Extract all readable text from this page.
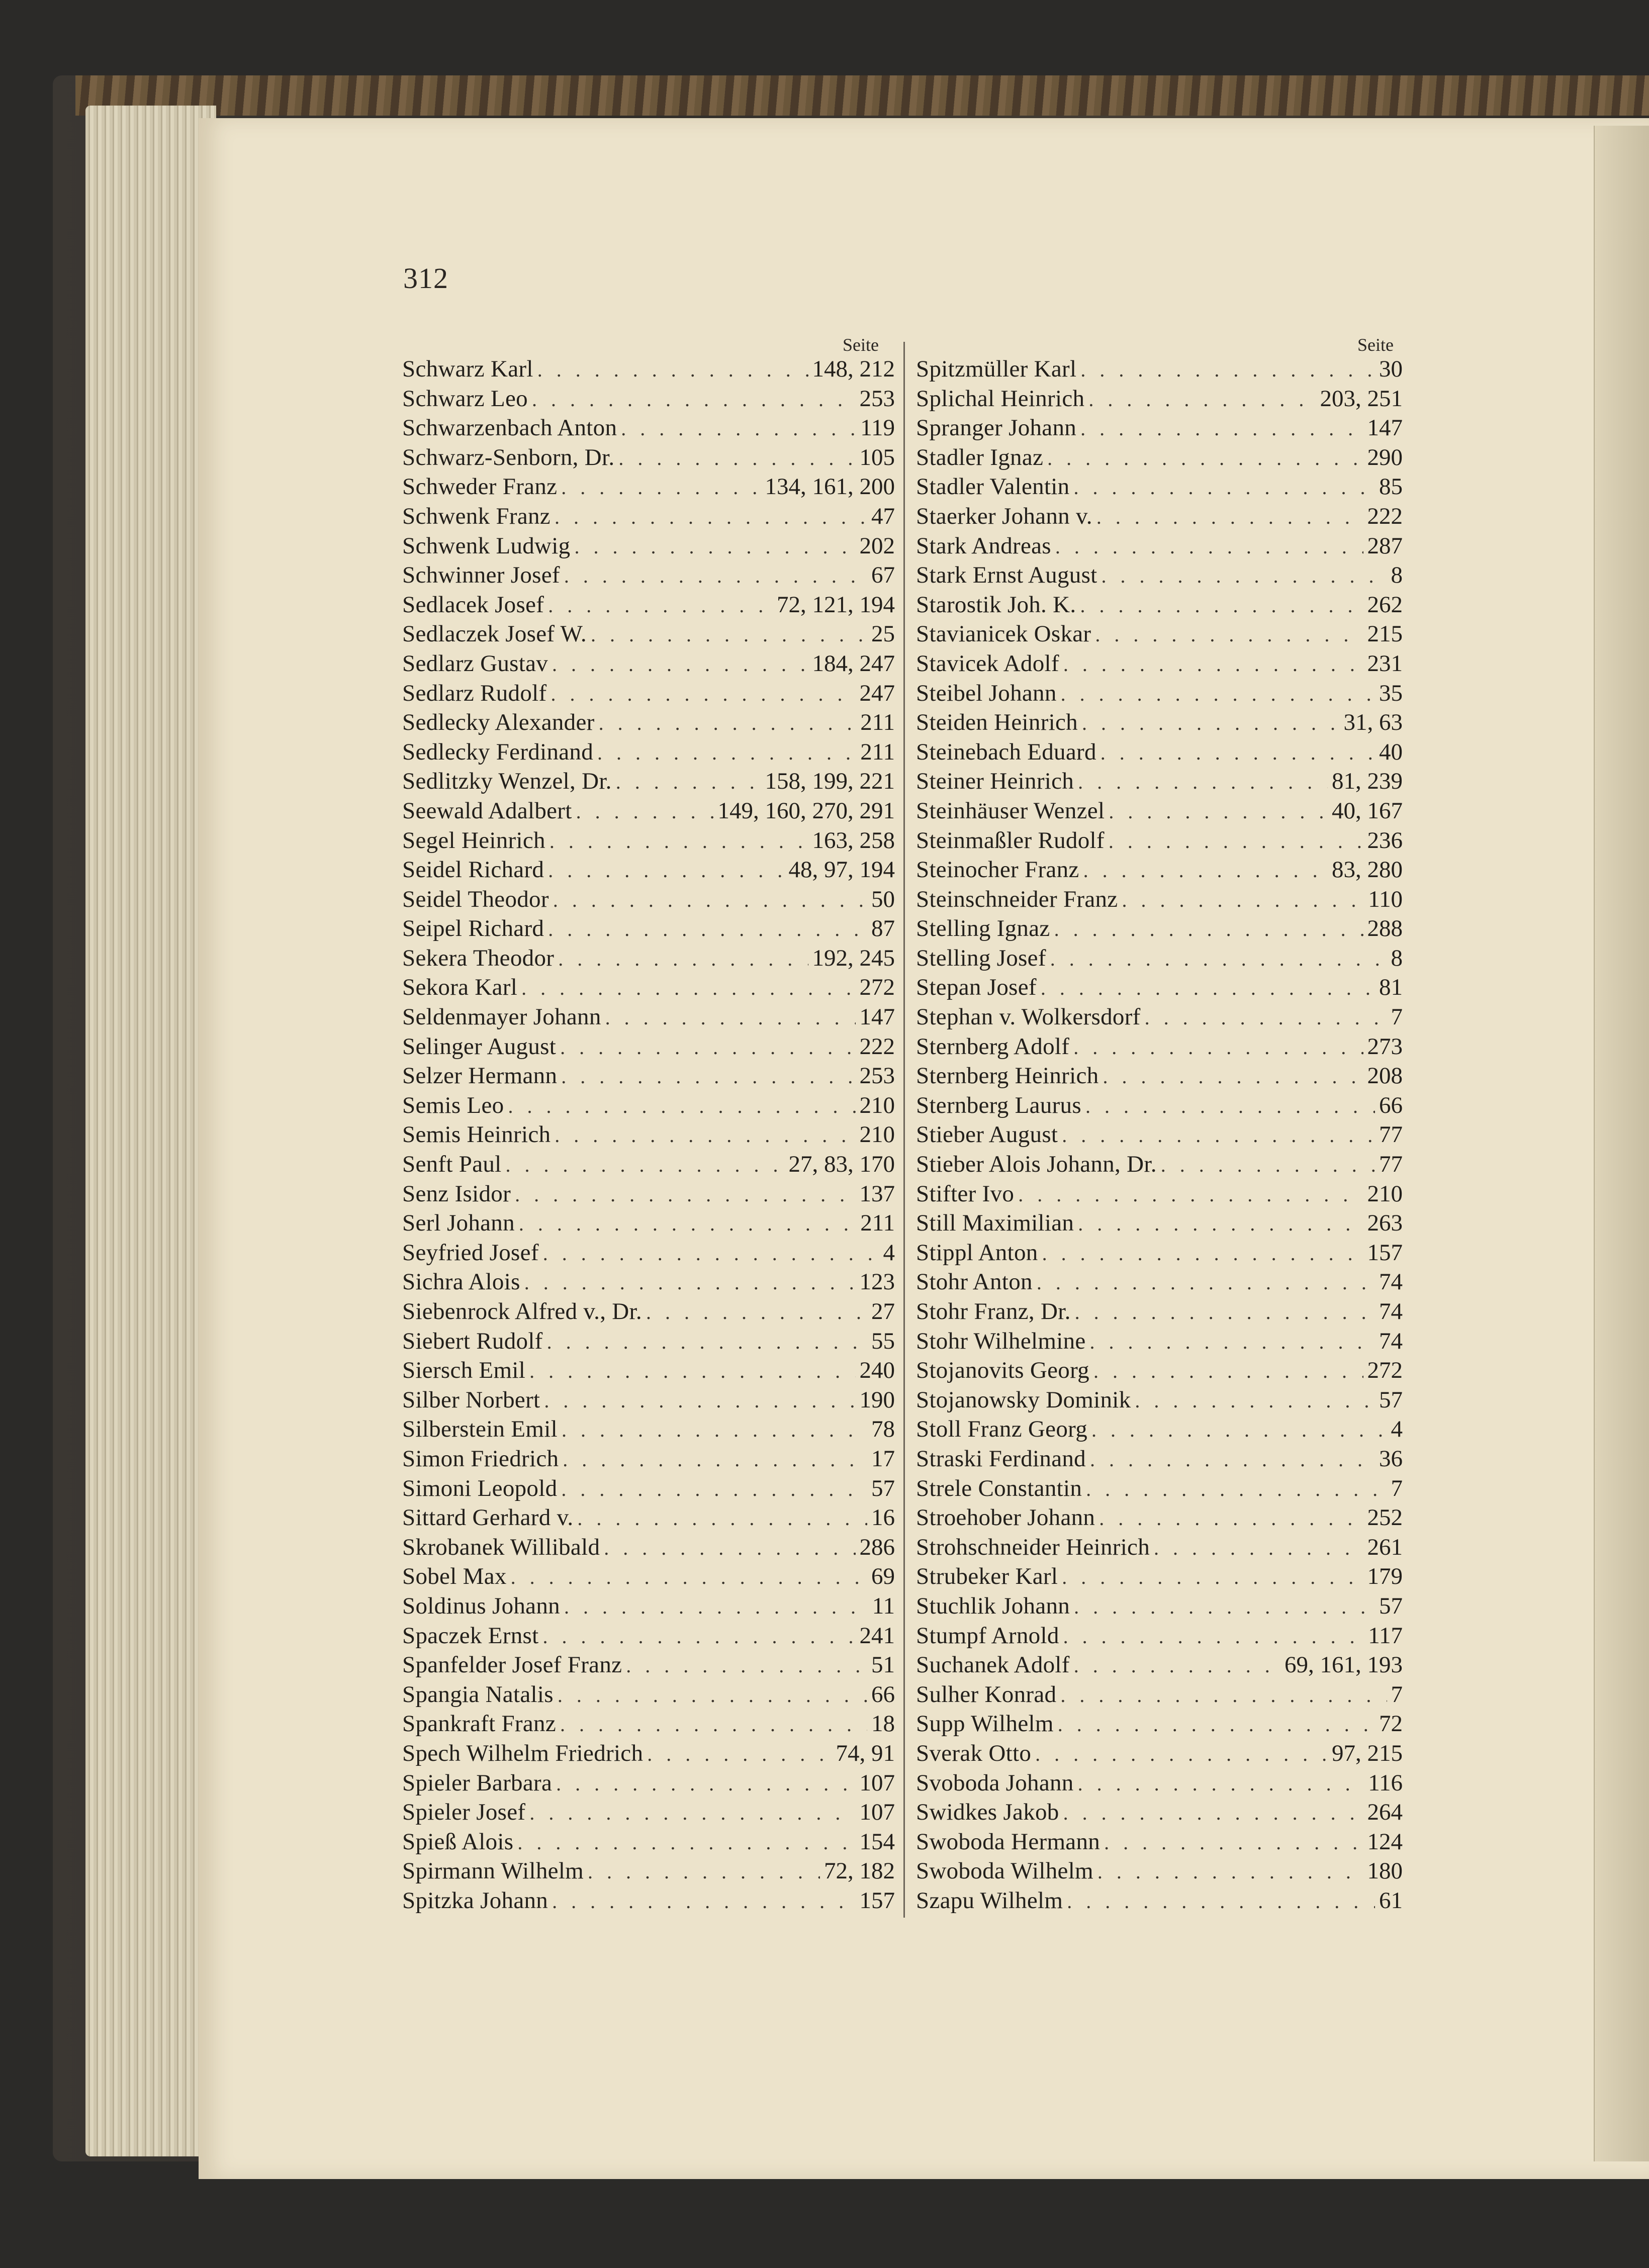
312
Seite	Seite
Schwarz Karl . . .	148, 212
Schwarz Leo . . .	253
Schwarzenbach Anton . . .	119
Schwarz-Senborn, Dr. . . .	105
Schweder Franz . . .	134, 161, 200
Schwenk Franz . . .	47
Schwenk Ludwig . . .	202
Schwinner Josef . . .	67
Sedlacek Josef . . .	72, 121, 194
Sedlaczek Josef W. . . .	25
Sedlarz Gustav . . .	184, 247
Sedlarz Rudolf . . .	247
Sedlecky Alexander . . .	211
Sedlecky Ferdinand . . .	211
Sedlitzky Wenzel, Dr. . . .	158, 199, 221
Seewald Adalbert . . .	149, 160, 270, 291
Segel Heinrich . . .	163, 258
Seidel Richard . . .	48, 97, 194
Seidel Theodor . . .	50
Seipel Richard . . .	87
Sekera Theodor . . .	192, 245
Sekora Karl . . .	272
Seldenmayer Johann . . .	147
Selinger August . . .	222
Selzer Hermann . . .	253
Semis Leo . . .	210
Semis Heinrich . . .	210
Senft Paul . . .	27, 83, 170
Senz Isidor . . .	137
Serl Johann . . .	211
Seyfried Josef . . .	4
Sichra Alois . . .	123
Siebenrock Alfred v., Dr. . . .	27
Siebert Rudolf . . .	55
Siersch Emil . . .	240
Silber Norbert . . .	190
Silberstein Emil . . .	78
Simon Friedrich . . .	17
Simoni Leopold . . .	57
Sittard Gerhard v. . . .	16
Skrobanek Willibald . . .	286
Sobel Max . . .	69
Soldinus Johann . . .	11
Spaczek Ernst . . .	241
Spanfelder Josef Franz . . .	51
Spangia Natalis . . .	66
Spankraft Franz . . .	18
Spech Wilhelm Friedrich . . .	74, 91
Spieler Barbara . . .	107
Spieler Josef . . .	107
Spieß Alois . . .	154
Spirmann Wilhelm . . .	72, 182
Spitzka Johann . . .	157
Spitzmüller Karl . . .	30
Splichal Heinrich . . .	203, 251
Spranger Johann . . .	147
Stadler Ignaz . . .	290
Stadler Valentin . . .	85
Staerker Johann v. . . .	222
Stark Andreas . . .	287
Stark Ernst August . . .	8
Starostik Joh. K. . . .	262
Stavianicek Oskar . . .	215
Stavicek Adolf . . .	231
Steibel Johann . . .	35
Steiden Heinrich . . .	31, 63
Steinebach Eduard . . .	40
Steiner Heinrich . . .	81, 239
Steinhäuser Wenzel . . .	40, 167
Steinmaßler Rudolf . . .	236
Steinocher Franz . . .	83, 280
Steinschneider Franz . . .	110
Stelling Ignaz . . .	288
Stelling Josef . . .	8
Stepan Josef . . .	81
Stephan v. Wolkersdorf . . .	7
Sternberg Adolf . . .	273
Sternberg Heinrich . . .	208
Sternberg Laurus . . .	66
Stieber August . . .	77
Stieber Alois Johann, Dr. . . .	77
Stifter Ivo . . .	210
Still Maximilian . . .	263
Stippl Anton . . .	157
Stohr Anton . . .	74
Stohr Franz, Dr. . . .	74
Stohr Wilhelmine . . .	74
Stojanovits Georg . . .	272
Stojanowsky Dominik . . .	57
Stoll Franz Georg . . .	4
Straski Ferdinand . . .	36
Strele Constantin . . .	7
Stroehober Johann . . .	252
Strohschneider Heinrich . . .	261
Strubeker Karl . . .	179
Stuchlik Johann . . .	57
Stumpf Arnold . . .	117
Suchanek Adolf . . .	69, 161, 193
Sulher Konrad . . .	7
Supp Wilhelm . . .	72
Sverak Otto . . .	97, 215
Svoboda Johann . . .	116
Swidkes Jakob . . .	264
Swoboda Hermann . . .	124
Swoboda Wilhelm . . .	180
Szapu Wilhelm . . .	61
